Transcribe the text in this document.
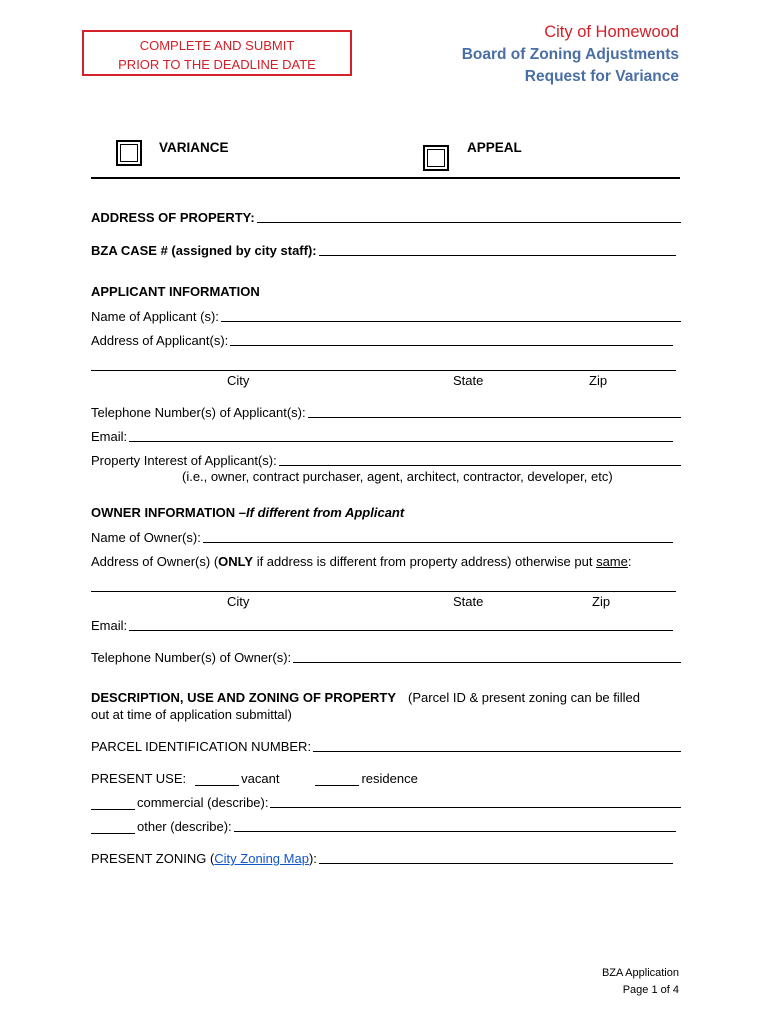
COMPLETE AND SUBMIT
PRIOR TO THE DEADLINE DATE
City of Homewood
Board of Zoning Adjustments
Request for Variance
VARIANCE	APPEAL
ADDRESS OF PROPERTY:
BZA CASE # (assigned by city staff):
APPLICANT INFORMATION
Name of Applicant (s):
Address of Applicant(s):
City	State	Zip
Telephone Number(s) of Applicant(s):
Email:
Property Interest of Applicant(s):
(i.e., owner, contract purchaser, agent, architect, contractor, developer, etc)
OWNER INFORMATION – If different from Applicant
Name of Owner(s):
Address of Owner(s) ( ONLY if address is different from property address) otherwise put same :
City	State	Zip
Email:
Telephone Number(s) of Owner(s):
DESCRIPTION, USE AND ZONING OF PROPERTY (Parcel ID & present zoning can be filled
out at time of application submittal)
PARCEL IDENTIFICATION NUMBER:
PRESENT USE:	vacant	residence
commercial (describe):
other (describe):
PRESENT ZONING ( City Zoning Map ):
BZA Application
Page 1 of 4
